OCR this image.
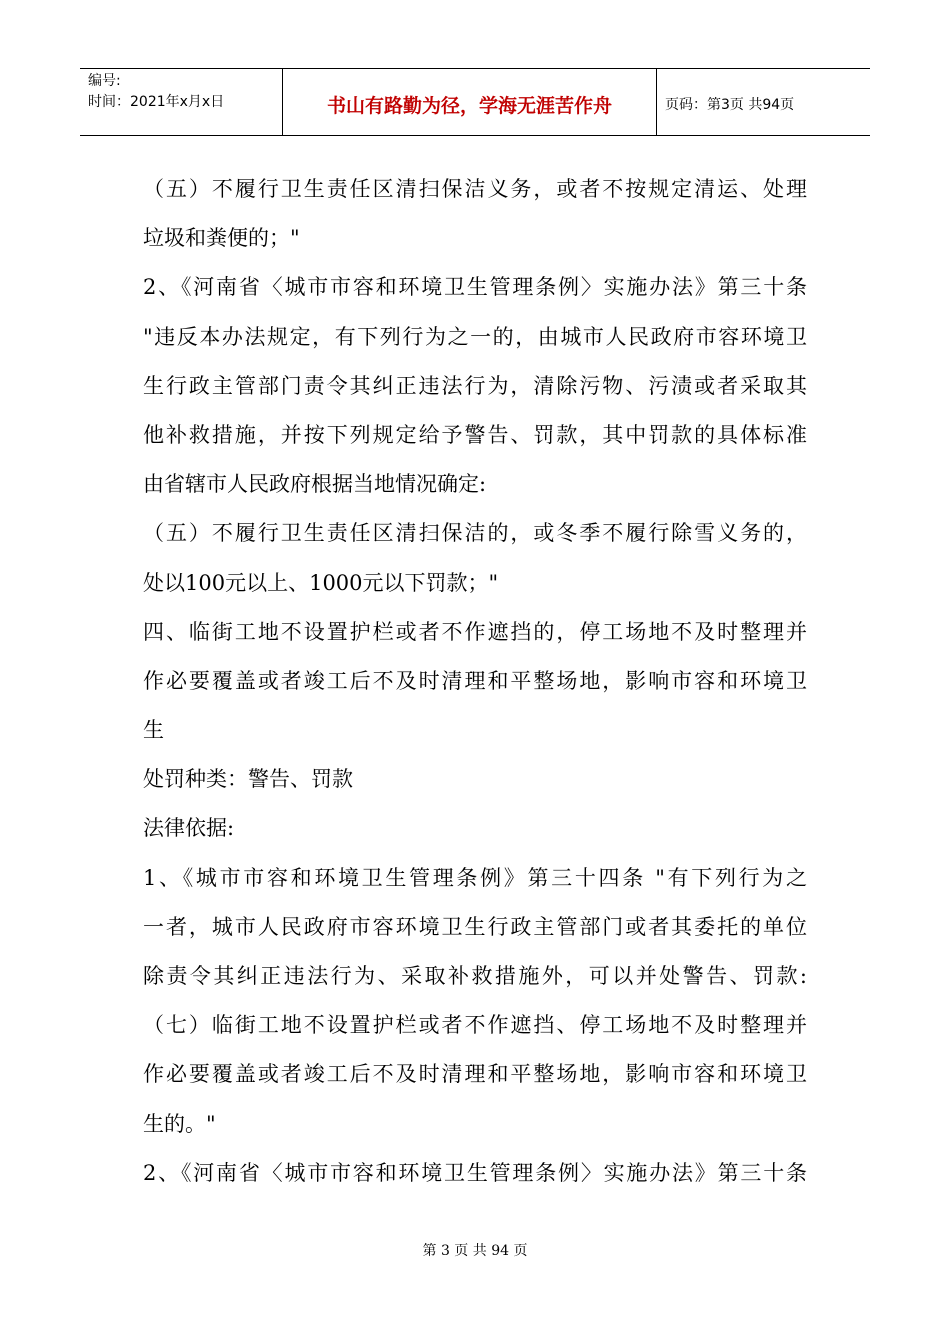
编号:
时间：2021年x月x日	书山有路勤为径，学海无涯苦作舟	页码：第3页 共94页
（五）不履行卫生责任区清扫保洁义务，或者不按规定清运、处理
垃圾和粪便的；"
2、《河南省〈城市市容和环境卫生管理条例〉实施办法》第三十条
"违反本办法规定，有下列行为之一的，由城市人民政府市容环境卫
生行政主管部门责令其纠正违法行为，清除污物、污渍或者采取其
他补救措施，并按下列规定给予警告、罚款，其中罚款的具体标准
由省辖市人民政府根据当地情况确定:
（五）不履行卫生责任区清扫保洁的，或冬季不履行除雪义务的，
处以100元以上、1000元以下罚款；"
四、临街工地不设置护栏或者不作遮挡的，停工场地不及时整理并
作必要覆盖或者竣工后不及时清理和平整场地，影响市容和环境卫
生
处罚种类：警告、罚款
法律依据:
1、《城市市容和环境卫生管理条例》第三十四条 "有下列行为之
一者，城市人民政府市容环境卫生行政主管部门或者其委托的单位
除责令其纠正违法行为、采取补救措施外，可以并处警告、罚款:
（七）临街工地不设置护栏或者不作遮挡、停工场地不及时整理并
作必要覆盖或者竣工后不及时清理和平整场地，影响市容和环境卫
生的。"
2、《河南省〈城市市容和环境卫生管理条例〉实施办法》第三十条
第 3 页 共 94 页
